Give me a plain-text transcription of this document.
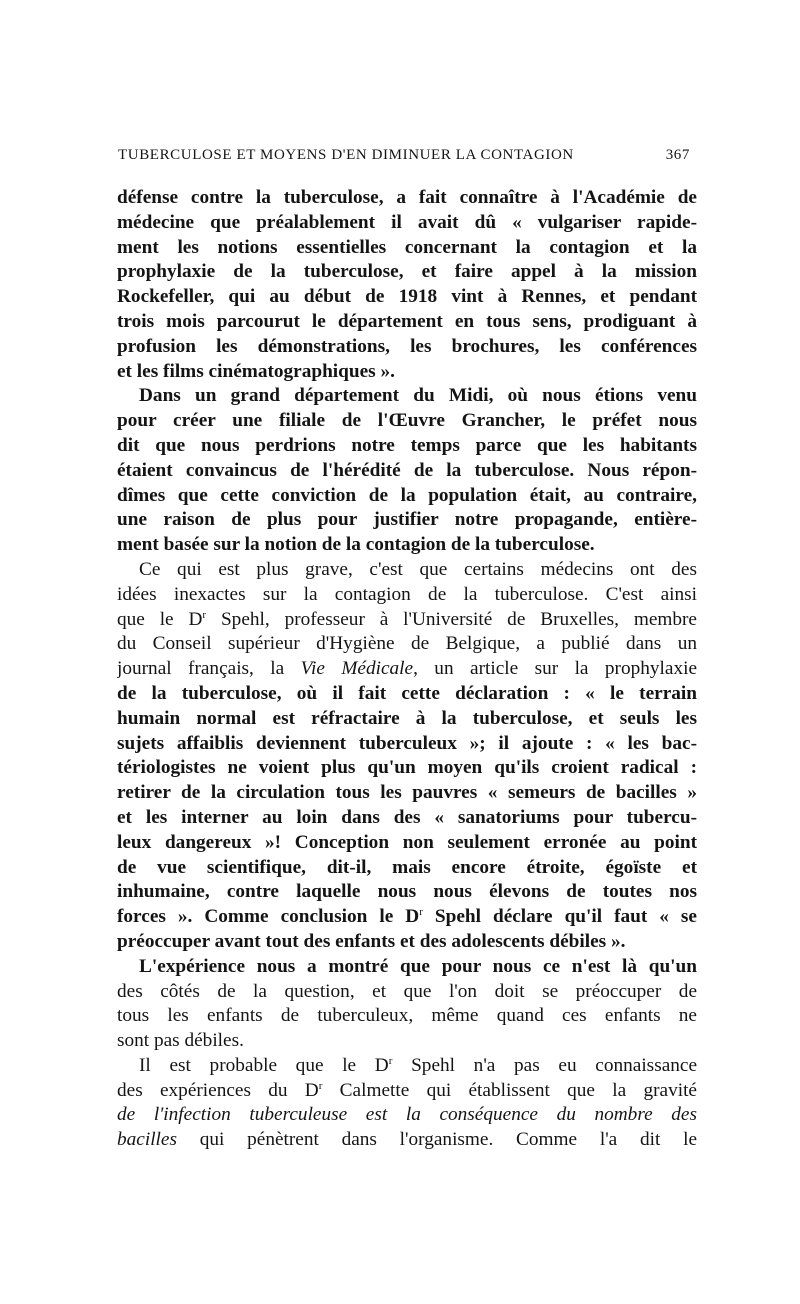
TUBERCULOSE ET MOYENS D'EN DIMINUER LA CONTAGION	367
défense contre la tuberculose, a fait connaître à l'Académie de
médecine que préalablement il avait dû « vulgariser rapide-
ment les notions essentielles concernant la contagion et la
prophylaxie de la tuberculose, et faire appel à la mission
Rockefeller, qui au début de 1918 vint à Rennes, et pendant
trois mois parcourut le département en tous sens, prodiguant à
profusion les démonstrations, les brochures, les conférences
et les films cinématographiques ».
Dans un grand département du Midi, où nous étions venu
pour créer une filiale de l'Œuvre Grancher, le préfet nous
dit que nous perdrions notre temps parce que les habitants
étaient convaincus de l'hérédité de la tuberculose. Nous répon-
dîmes que cette conviction de la population était, au contraire,
une raison de plus pour justifier notre propagande, entière-
ment basée sur la notion de la contagion de la tuberculose.
Ce qui est plus grave, c'est que certains médecins ont des
idées inexactes sur la contagion de la tuberculose. C'est ainsi
que le $D^r$ Spehl, professeur à l'Université de Bruxelles, membre
du Conseil supérieur d'Hygiène de Belgique, a publié dans un
journal français, la Vie Médicale, un article sur la prophylaxie
de la tuberculose, où il fait cette déclaration : « le terrain
humain normal est réfractaire à la tuberculose, et seuls les
sujets affaiblis deviennent tuberculeux »; il ajoute : « les bac-
tériologistes ne voient plus qu'un moyen qu'ils croient radical :
retirer de la circulation tous les pauvres « semeurs de bacilles »
et les interner au loin dans des « sanatoriums pour tubercu-
leux dangereux »! Conception non seulement erronée au point
de vue scientifique, dit-il, mais encore étroite, égoïste et
inhumaine, contre laquelle nous nous élevons de toutes nos
forces ». Comme conclusion le $D^r$ Spehl déclare qu'il faut « se
préoccuper avant tout des enfants et des adolescents débiles ».
L'expérience nous a montré que pour nous ce n'est là qu'un
des côtés de la question, et que l'on doit se préoccuper de
tous les enfants de tuberculeux, même quand ces enfants ne
sont pas débiles.
Il est probable que le $D^r$ Spehl n'a pas eu connaissance
des expériences du $D^r$ Calmette qui établissent que la gravité
de l'infection tuberculeuse est la conséquence du nombre des
bacilles qui pénètrent dans l'organisme. Comme l'a dit le
